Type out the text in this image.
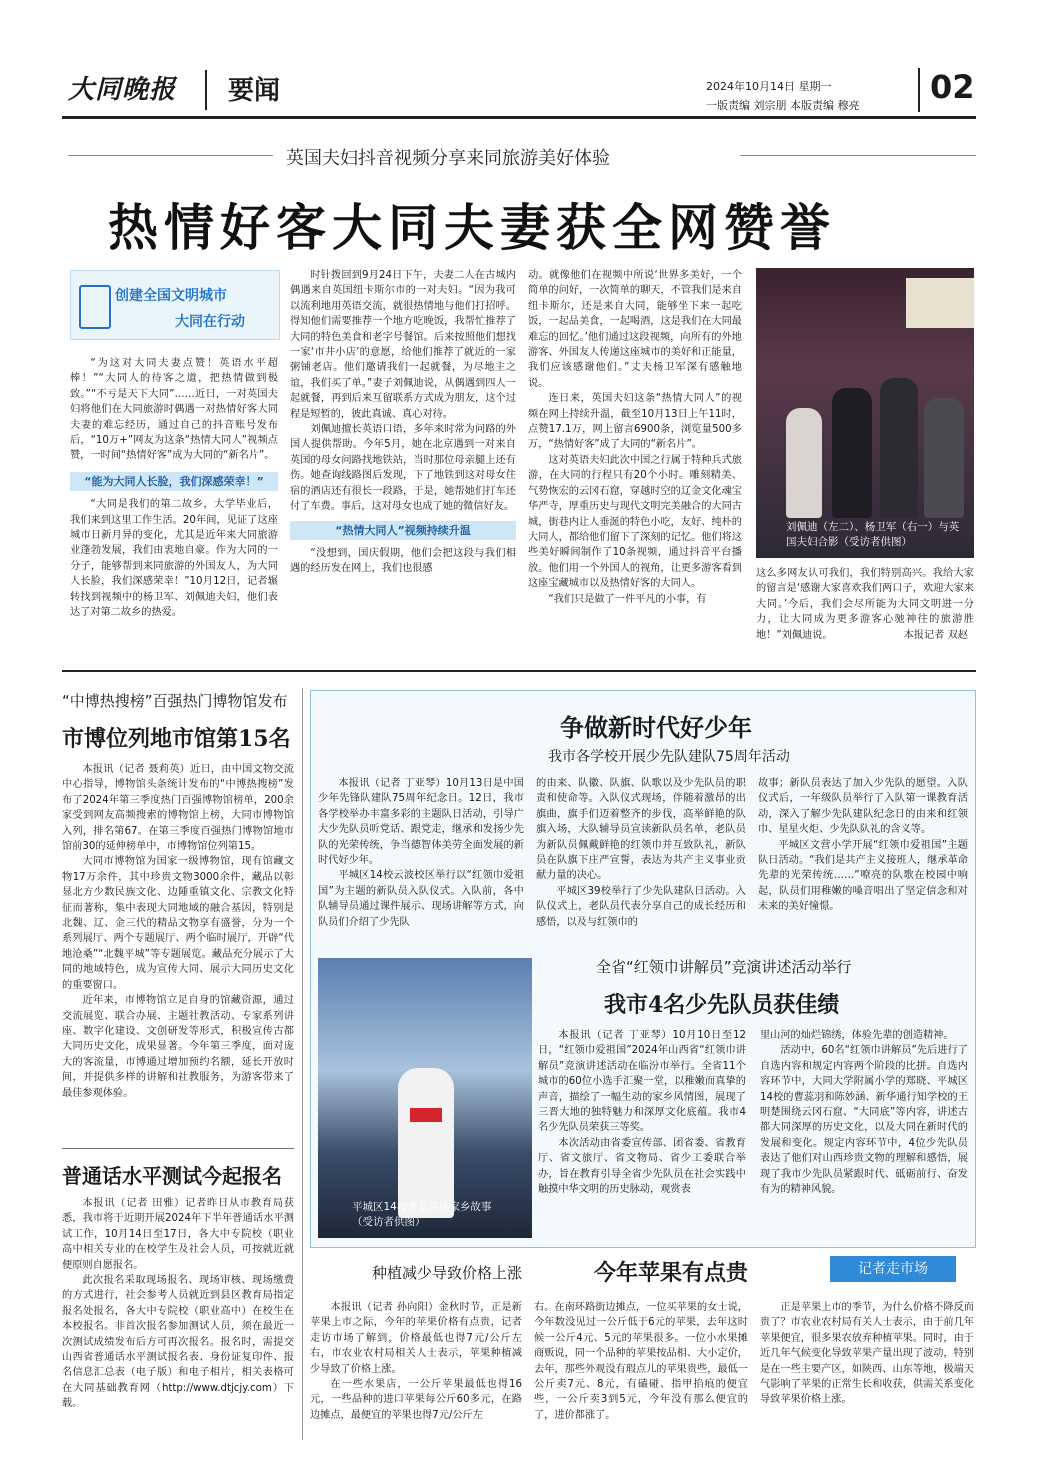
大同晚报	要闻	2024年10月14日 星期一
一版责编 刘宗朋 本版责编 穆亮 02
英国夫妇抖音视频分享来同旅游美好体验
热情好客大同夫妻获全网赞誉
创建全国文明城市
大同在行动

“为这对大同夫妻点赞！英语水平超棒！”“大同人的待客之道，把热情做到极致。”“不亏是天下大同”……近日，一对英国夫妇将他们在大同旅游时偶遇一对热情好客大同夫妻的难忘经历，通过自己的抖音账号发布后，“10万+”网友为这条“热情大同人”视频点赞，一时间“热情好客”成为大同的“新名片”。

“能为大同人长脸，我们深感荣幸！”

“大同是我们的第二故乡，大学毕业后，我们来到这里工作生活。20年间，见证了这座城市日新月异的变化，尤其是近年来大同旅游业蓬勃发展，我们由衷地自豪。作为大同的一分子，能够帮到来同旅游的外国友人，为大同人长脸，我们深感荣幸！”10月12日，记者辗转找到视频中的杨卫军、刘佩迪夫妇，他们表达了对第二故乡的热爱。

时针拨回到9月24日下午，夫妻二人在古城内偶遇来自英国纽卡斯尔市的一对夫妇。“因为我可以流利地用英语交流，就很热情地与他们打招呼。得知他们需要推荐一个地方吃晚饭，我帮忙推荐了大同的特色美食和老字号餐馆。后来按照他们想找一家‘市井小店’的意愿，给他们推荐了就近的一家粥铺老店。他们邀请我们一起就餐，为尽地主之谊，我们买了单。”妻子刘佩迪说，从偶遇到四人一起就餐，再到后来互留联系方式成为朋友，这个过程是短暂的，彼此真诚、真心对待。

刘佩迪擅长英语口语，多年来时常为问路的外国人提供帮助。今年5月，她在北京遇到一对来自英国的母女问路找地铁站，当时那位母亲腿上还有伤。她查询线路图后发现，下了地铁到这对母女住宿的酒店还有很长一段路，于是，她帮她们打车还付了车费。事后，这对母女也成了她的微信好友。

“热情大同人”视频持续升温

“没想到，国庆假期，他们会把这段与我们相遇的经历发在网上，我们也很感

动。就像他们在视频中所说‘世界多美好，一个简单的问好，一次简单的聊天，不管我们是来自纽卡斯尔，还是来自大同，能够坐下来一起吃饭，一起品美食，一起喝酒，这是我们在大同最难忘的回忆。’他们通过这段视频，向所有的外地游客、外国友人传递这座城市的美好和正能量，我们应该感谢他们。”丈夫杨卫军深有感触地说。

连日来，英国夫妇这条“热情大同人”的视频在网上持续升温，截至10月13日上午11时，点赞17.1万，网上留言6900条，浏览量500多万，“热情好客”成了大同的“新名片”。

这对英语夫妇此次中国之行属于特种兵式旅游，在大同的行程只有20个小时。雕刻精美、气势恢宏的云冈石窟，穿越时空的辽金文化魂宝华严寺，厚重历史与现代文明完美融合的大同古城，街巷内让人垂涎的特色小吃，友好、纯朴的大同人，都给他们留下了深刻的记忆。他们将这些美好瞬间制作了10条视频，通过抖音平台播放。他们用一个外国人的视角，让更多游客看到这座宝藏城市以及热情好客的大同人。

“我们只是做了一件平凡的小事，有

刘佩迪（左二）、杨卫军（右一）与英国夫妇合影（受访者供图）

这么多网友认可我们，我们特别高兴。我给大家的留言是‘感谢大家喜欢我们两口子，欢迎大家来大同。’今后，我们会尽所能为大同文明进一分力，让大同成为更多游客心驰神往的旅游胜地！”刘佩迪说。	本报记者 双赵
“中博热搜榜”百强热门博物馆发布
市博位列地市馆第15名

本报讯（记者 聂莉英）近日，由中国文物交流中心指导，博物馆头条统计发布的“中博热搜榜”发布了2024年第三季度热门百强博物馆榜单，200余家受到网友高频搜索的博物馆上榜，大同市博物馆入列，排名第67。在第三季度百强热门博物馆地市馆前30的延伸榜单中，市博物馆位列第15。

大同市博物馆为国家一级博物馆，现有馆藏文物17万余件，其中珍贵文物3000余件，藏品以彰显北方少数民族文化、边陲重镇文化、宗教文化特征而著称，集中表现大同地域的融合基因，特别是北魏、辽、金三代的精品文物享有盛誉，分为一个系列展厅、两个专题展厅、两个临时展厅，开辟“代地沧桑”“北魏平城”等专题展览。藏品充分展示了大同的地域特色，成为宣传大同、展示大同历史文化的重要窗口。

近年来，市博物馆立足自身的馆藏资源，通过交流展览、联合办展、主题社教活动、专家系列讲座、数字化建设、文创研发等形式，积极宣传古都大同历史文化，成果显著。今年第三季度，面对庞大的客流量，市博通过增加预约名额，延长开放时间，并提供多样的讲解和社教服务，为游客带来了最佳参观体验。

普通话水平测试今起报名

本报讯（记者 田雅）记者昨日从市教育局获悉，我市将于近期开展2024年下半年普通话水平测试工作，10月14日至17日，各大中专院校（职业高中相关专业的在校学生及社会人员，可按就近就便原则自愿报名。

此次报名采取现场报名、现场审核、现场缴费的方式进行，社会参考人员就近到县区教育局指定报名处报名，各大中专院校（职业高中）在校生在本校报名。非首次报名参加测试人员，须在最近一次测试成绩发布后方可再次报名。报名时，需提交山西省普通话水平测试报名表、身份证复印件、报名信息汇总表（电子版）和电子相片，相关表格可在大同基础教育网（http://www.dtjcjy.com）下载。

争做新时代好少年
我市各学校开展少先队建队75周年活动

本报讯（记者 丁亚琴）10月13日是中国少年先锋队建队75周年纪念日。12日，我市各学校举办丰富多彩的主题队日活动，引导广大少先队员听党话、跟党走，继承和发扬少先队的光荣传统，争当德智体美劳全面发展的新时代好少年。

平城区14校云波校区举行以“红领巾爱祖国”为主题的新队员入队仪式。入队前，各中队辅导员通过课件展示、现场讲解等方式，向队员们介绍了少先队

的由来、队徽、队旗、队歌以及少先队员的职责和使命等。入队仪式现场，伴随着激昂的出旗曲，旗手们迈着整齐的步伐，高举鲜艳的队旗入场，大队辅导员宣读新队员名单，老队员为新队员佩戴鲜艳的红领巾并互致队礼，新队员在队旗下庄严宣誓，表达为共产主义事业贡献力量的决心。

平城区39校举行了少先队建队日活动。入队仪式上，老队员代表分享自己的成长经历和感悟，以及与红领巾的

故事；新队员表达了加入少先队的愿望。入队仪式后，一年级队员举行了入队第一课教育活动，深入了解少先队建队纪念日的由来和红领巾、星星火炬、少先队队礼的含义等。

平城区文营小学开展“红领巾爱祖国”主题队日活动。“我们是共产主义接班人，继承革命先辈的光荣传统……”嘹亮的队歌在校园中响起，队员们用稚嫩的嗓音唱出了坚定信念和对未来的美好憧憬。

平城区14校曹蕊讲述家乡故事（受访者供图）
全省“红领巾讲解员”竞演讲述活动举行
我市4名少先队员获佳绩

本报讯（记者 丁亚琴）10月10日至12日，“红领巾爱祖国”2024年山西省“红领巾讲解员”竞演讲述活动在临汾市举行。全省11个城市的60位小选手汇聚一堂，以稚嫩而真挚的声音，描绘了一幅生动的家乡风情图，展现了三晋大地的独特魅力和深厚文化底蕴。我市4名少先队员荣获三等奖。

本次活动由省委宣传部、团省委、省教育厅、省文旅厅、省文物局、省少工委联合举办，旨在教育引导全省少先队员在社会实践中触摸中华文明的历史脉动，观赏表

里山河的灿烂锦绣，体验先辈的创造精神。

活动中，60名“红领巾讲解员”先后进行了自选内容和规定内容两个阶段的比拼。自选内容环节中，大同大学附属小学的郑晓、平城区14校的曹蕊羽和陈妙涵、新华通行知学校的王明楚围绕云冈石窟、“大同底”等内容，讲述古都大同深厚的历史文化，以及大同在新时代的发展和变化。规定内容环节中，4位少先队员表达了他们对山西珍贵文物的理解和感悟，展现了我市少先队员紧跟时代、砥砺前行、奋发有为的精神风貌。

种植减少导致价格上涨	今年苹果有点贵	记者走市场

本报讯（记者 孙向阳）金秋时节，正是新苹果上市之际，今年的苹果价格有点贵，记者走访市场了解到，价格最低也得7元/公斤左右，市农业农村局相关人士表示，苹果种植减少导致了价格上涨。

在一些水果店，一公斤苹果最低也得16元，一些品种的进口苹果每公斤60多元，在路边摊点，最便宜的苹果也得7元/公斤左

右。在南环路街边摊点，一位买苹果的女士说，今年数没见过一公斤低于6元的苹果，去年这时候一公斤4元、5元的苹果很多。一位小水果摊商贩说，同一个品种的苹果按品相、大小定价，去年，那些外观没有瑕点儿的苹果贵些，最低一公斤卖7元、8元，有磕碰、指甲掐痕的便宜些，一公斤卖3到5元，今年没有那么便宜的了，进价都涨了。

正是苹果上市的季节，为什么价格不降反而贵了？市农业农村局有关人士表示，由于前几年苹果便宜，很多果农放弃种植苹果。同时，由于近几年气候变化导致苹果产量出现了波动，特别是在一些主要产区，如陕西、山东等地，极端天气影响了苹果的正常生长和收获，供需关系变化导致苹果价格上涨。
